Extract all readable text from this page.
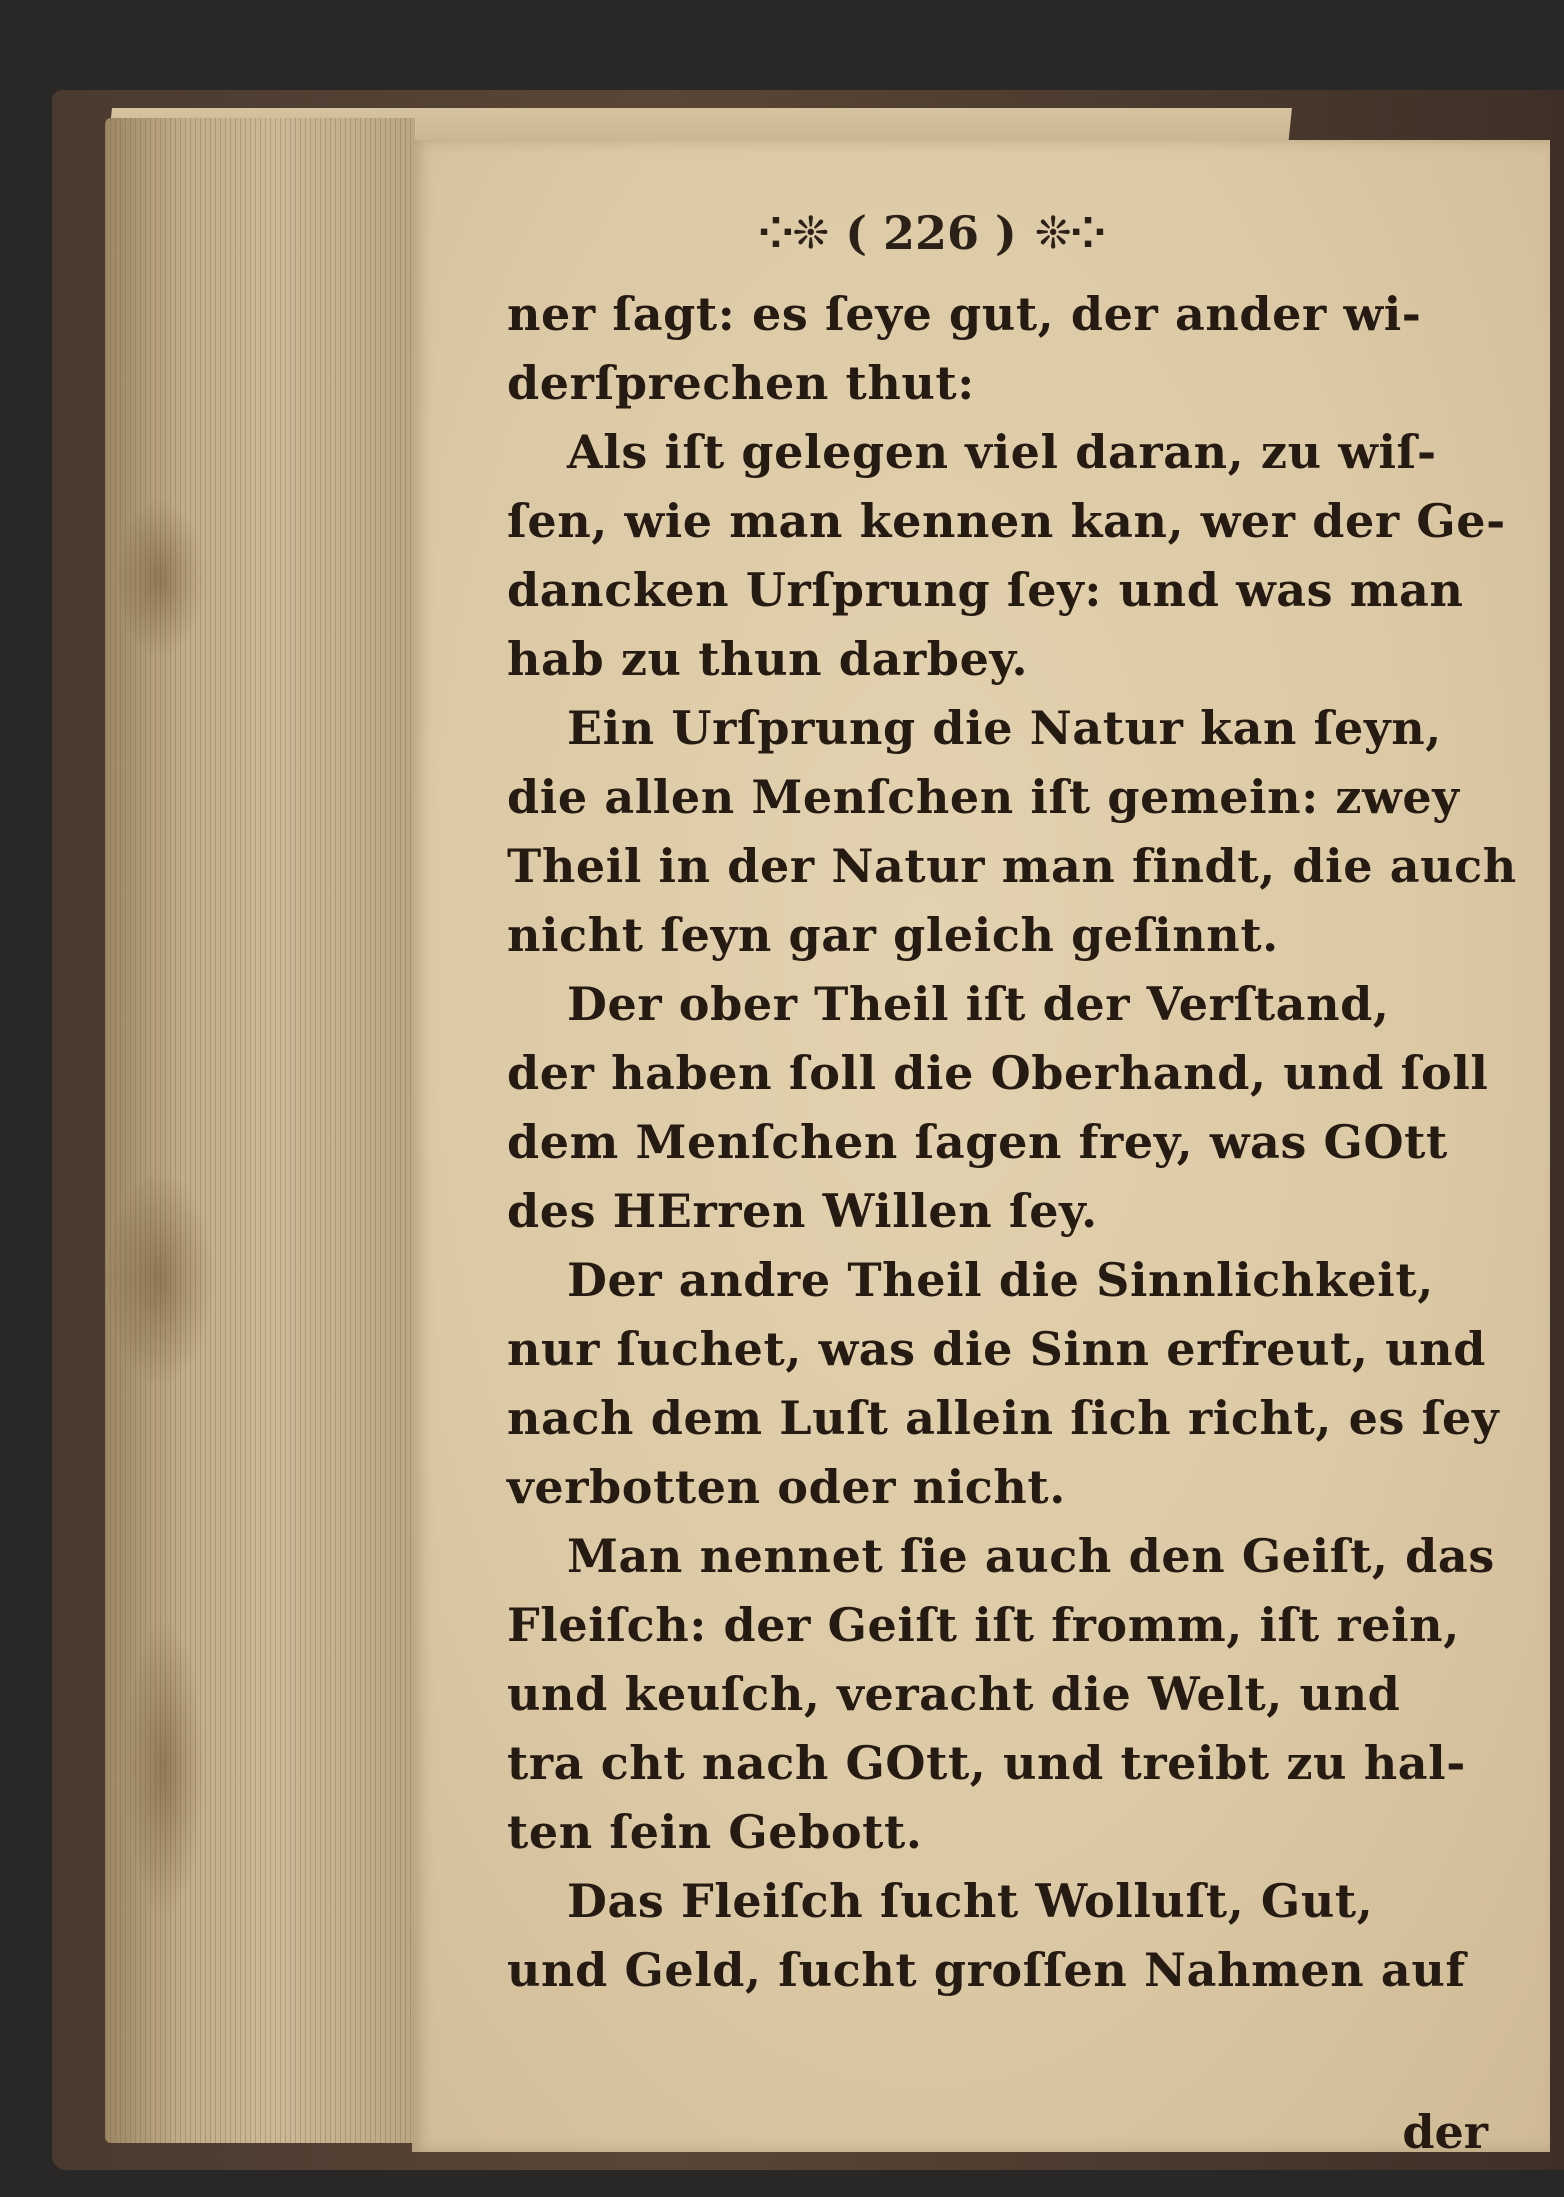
⁘❊ ( 226 ) ❊⁘
ner ſagt: es ſeye gut, der ander wi-
derſprechen thut:
Als iſt gelegen viel daran, zu wiſ-
ſen, wie man kennen kan, wer der Ge-
dancken Urſprung ſey: und was man
hab zu thun darbey.
Ein Urſprung die Natur kan ſeyn,
die allen Menſchen iſt gemein: zwey
Theil in der Natur man findt, die auch
nicht ſeyn gar gleich geſinnt.
Der ober Theil iſt der Verſtand,
der haben ſoll die Oberhand, und ſoll
dem Menſchen ſagen frey, was GOtt
des HErren Willen ſey.
Der andre Theil die Sinnlichkeit,
nur ſuchet, was die Sinn erfreut, und
nach dem Luſt allein ſich richt, es ſey
verbotten oder nicht.
Man nennet ſie auch den Geiſt, das
Fleiſch: der Geiſt iſt fromm, iſt rein,
und keuſch, veracht die Welt, und
tra cht nach GOtt, und treibt zu hal-
ten ſein Gebott.
Das Fleiſch ſucht Wolluſt, Gut,
und Geld, ſucht groſſen Nahmen auf
der
